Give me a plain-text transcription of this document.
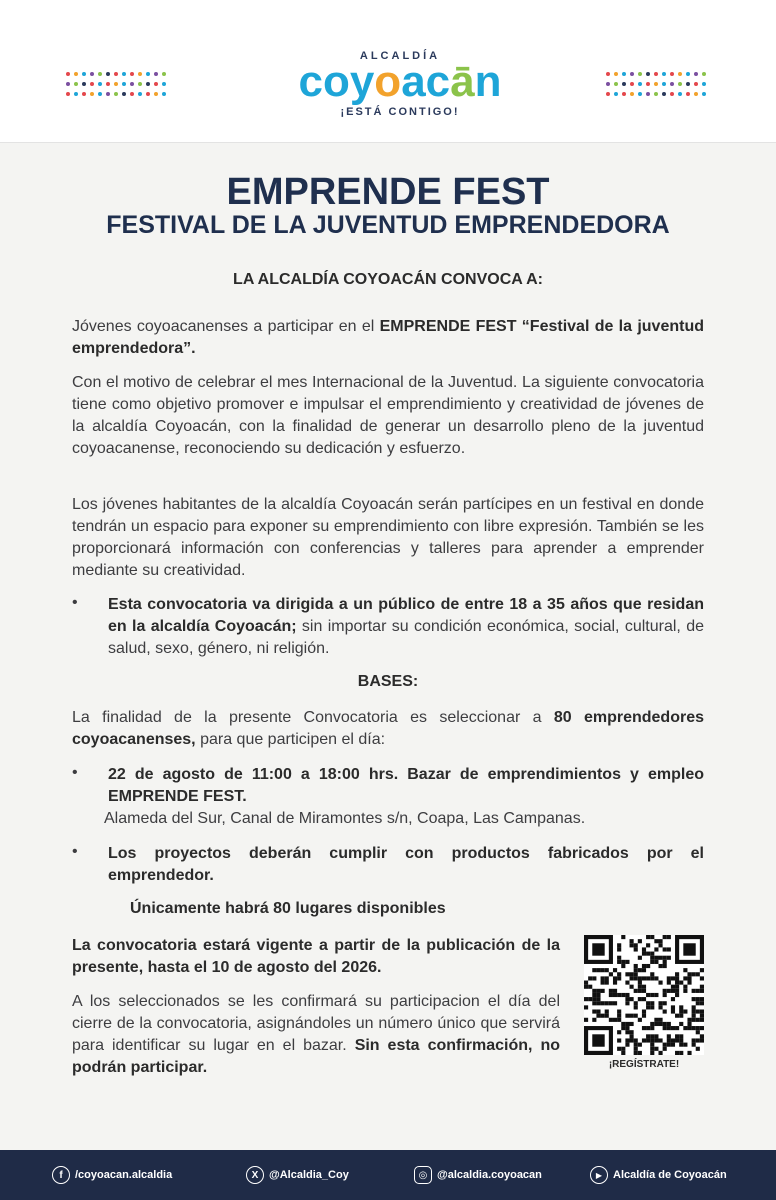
ALCALDÍA
coyoacān
¡ESTÁ CONTIGO!
EMPRENDE FEST
FESTIVAL DE LA JUVENTUD EMPRENDEDORA
LA ALCALDÍA COYOACÁN CONVOCA A:
Jóvenes coyoacanenses a participar en el EMPRENDE FEST “Festival de la juventud emprendedora”.
Con el motivo de celebrar el mes Internacional de la Juventud. La siguiente convocatoria tiene como objetivo promover e impulsar el emprendimiento y creatividad de jóvenes de la alcaldía Coyoacán, con la finalidad de generar un desarrollo pleno de la juventud coyoacanense, reconociendo su dedicación y esfuerzo.
Los jóvenes habitantes de la alcaldía Coyoacán serán partícipes en un festival en donde tendrán un espacio para exponer su emprendimiento con libre expresión. También se les proporcionará información con conferencias y talleres para aprender a emprender mediante su creatividad.
• Esta convocatoria va dirigida a un público de entre 18 a 35 años que residan en la alcaldía Coyoacán; sin importar su condición económica, social, cultural, de salud, sexo, género, ni religión.
BASES:
La finalidad de la presente Convocatoria es seleccionar a 80 emprendedores coyoacanenses, para que participen el día:
• 22 de agosto de 11:00 a 18:00 hrs. Bazar de emprendimientos y empleo EMPRENDE FEST.
Alameda del Sur, Canal de Miramontes s/n, Coapa, Las Campanas.
• Los proyectos deberán cumplir con productos fabricados por el emprendedor.
Únicamente habrá 80 lugares disponibles
La convocatoria estará vigente a partir de la publicación de la presente, hasta el 10 de agosto del 2026.
A los seleccionados se les confirmará su participacion el día del cierre de la convocatoria, asignándoles un número único que servirá para identificar su lugar en el bazar. Sin esta confirmación, no podrán participar.	¡REGÍSTRATE!
f	/coyoacan.alcaldia	X @Alcaldia_Coy	◎ @alcaldia.coyoacan	▶ Alcaldía de Coyoacán
